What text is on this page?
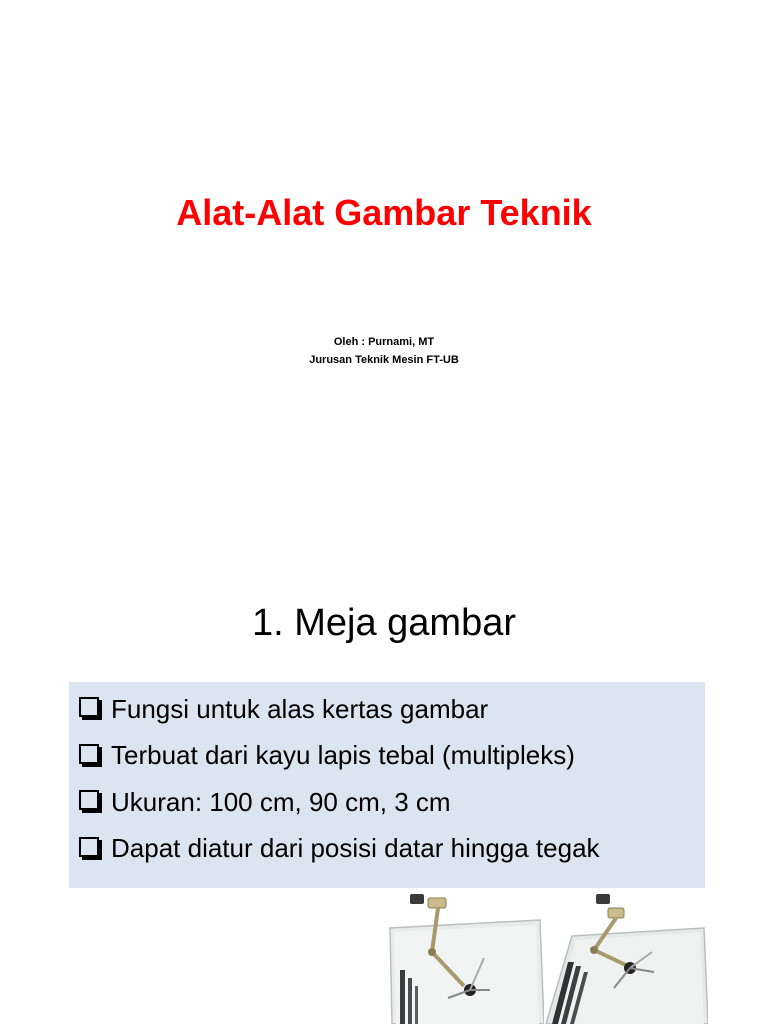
Alat-Alat Gambar Teknik
Oleh : Purnami, MT
Jurusan Teknik Mesin FT-UB
1. Meja gambar
Fungsi untuk alas kertas gambar
Terbuat dari kayu lapis tebal (multipleks)
Ukuran: 100 cm, 90 cm, 3 cm
Dapat diatur dari posisi datar hingga tegak
